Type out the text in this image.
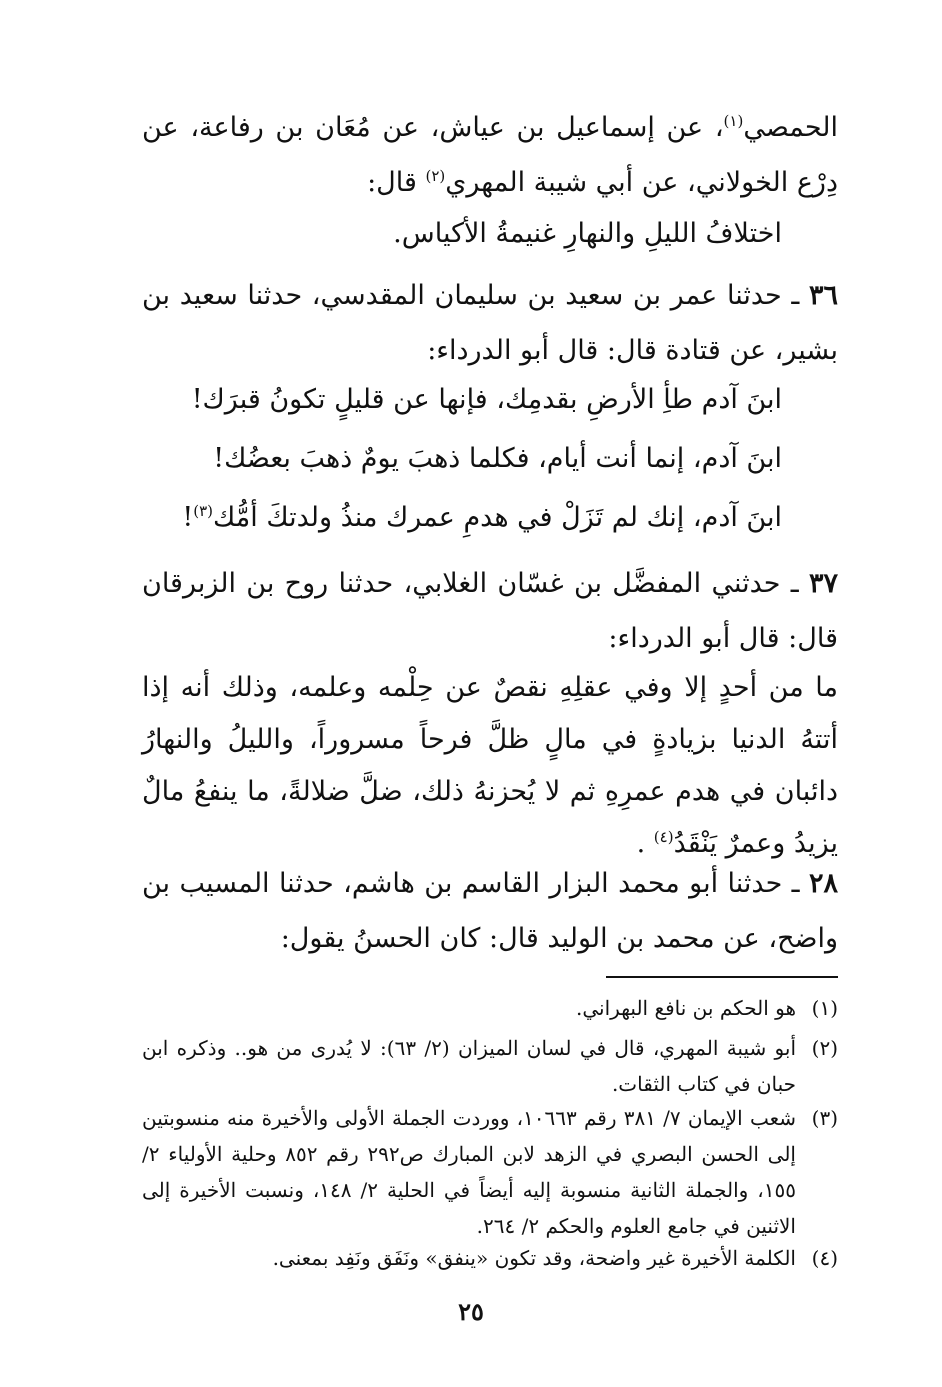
الحمصي$^{(١)}$، عن إسماعيل بن عياش، عن مُعَان بن رفاعة، عن دِرْع الخولاني، عن أبي شيبة المهري$^{(٢)}$ قال:
اختلافُ الليلِ والنهارِ غنيمةُ الأكياس.
٣٦ ـ حدثنا عمر بن سعيد بن سليمان المقدسي، حدثنا سعيد بن بشير، عن قتادة قال: قال أبو الدرداء:
ابنَ آدم طأِ الأرضِ بقدمِك، فإنها عن قليلٍ تكونُ قبرَك!
ابنَ آدم، إنما أنت أيام، فكلما ذهبَ يومٌ ذهبَ بعضُك!
ابنَ آدم، إنك لم تَزَلْ في هدمِ عمرك منذُ ولدتكَ أمُّك$^{(٣)}$!
٣٧ ـ حدثني المفضَّل بن غسّان الغلابي، حدثنا روح بن الزبرقان قال: قال أبو الدرداء:
ما من أحدٍ إلا وفي عقلِهِ نقصٌ عن حِلْمه وعلمه، وذلك أنه إذا أتتهُ الدنيا بزيادةٍ في مالٍ ظلَّ فرحاً مسروراً، والليلُ والنهارُ دائبان في هدم عمرِهِ ثم لا يُحزنهُ ذلك، ضلَّ ضلالةً، ما ينفعُ مالٌ يزيدُ وعمرٌ يَنْقَدُ$^{(٤)}$ .
٢٨ ـ حدثنا أبو محمد البزار القاسم بن هاشم، حدثنا المسيب بن واضح، عن محمد بن الوليد قال: كان الحسنُ يقول:
(١)
هو الحكم بن نافع البهراني.
(٢)
أبو شيبة المهري، قال في لسان الميزان (٢/ ٦٣): لا يُدرى من هو.. وذكره ابن حبان في كتاب الثقات.
(٣)
شعب الإيمان ٧/ ٣٨١ رقم ١٠٦٦٣، ووردت الجملة الأولى والأخيرة منه منسوبتين إلى الحسن البصري في الزهد لابن المبارك ص٢٩٢ رقم ٨٥٢ وحلية الأولياء ٢/ ١٥٥، والجملة الثانية منسوبة إليه أيضاً في الحلية ٢/ ١٤٨، ونسبت الأخيرة إلى الاثنين في جامع العلوم والحكم ٢/ ٢٦٤.
(٤)
الكلمة الأخيرة غير واضحة، وقد تكون «ينفق» ونَفَق ونَفِد بمعنى.
٢٥
